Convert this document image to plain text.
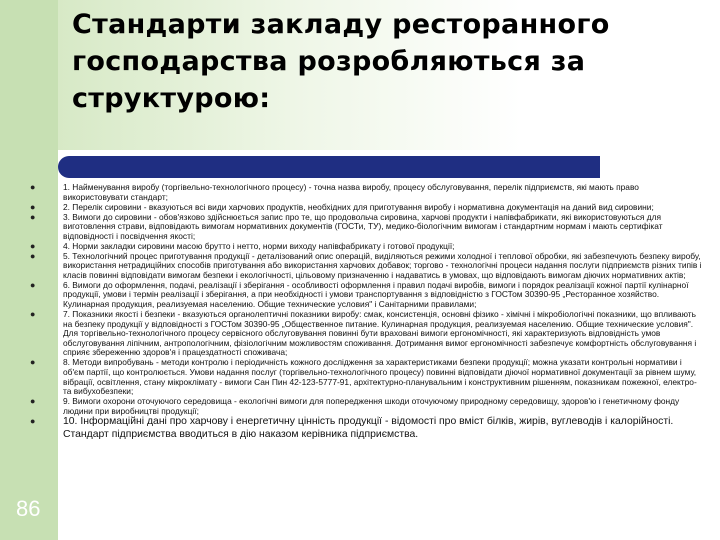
Стандарти закладу ресторанного господарства розробляються за структурою:
●	1. Найменування виробу (торгівельно-технологічного процесу) - точна назва виробу, процесу обслуговування, перелік підприємств, які мають право використовувати стандарт;
●	2. Перелік сировини - вказуються всі види харчових продуктів, необхідних для приготування виробу і нормативна документація на даний вид сировини;
●	3. Вимоги до сировини - обов'язково здійснюється запис про те, що продовольча сировина, харчові продукти і напівфабрикати, які використовуються для виготовлення страви, відповідають вимогам нормативних документів (ГОСТи, ТУ), медико-біологічним вимогам і стандартним нормам і мають сертифікат відповідності і посвідчення якості;
●	4. Норми закладки сировини масою брутто і нетто, норми виходу напівфабрикату і готової продукції;
●	5. Технологічний процес приготування продукції - деталізований опис операцій, виділяються режими холодної і теплової обробки, які забезпечують безпеку виробу, використання нетрадиційних способів приготування або використання харчових добавок; торгово - технологічні процеси надання послуги підприємств різних типів і класів повинні відповідати вимогам безпеки і екологічності, цільовому призначенню і надаватись в умовах, що відповідають вимогам діючих нормативних актів;
●	6. Вимоги до оформлення, подачі, реалізації і зберігання - особливості оформлення і правил подачі виробів, вимоги і порядок реалізації кожної партії кулінарної продукції, умови і термін реалізації і зберігання, а при необхідності і умови транспортування з відповідністю з ГОСТом 30390-95 „Ресторанное хозяйство. Кулинарная продукция, реализуемая населению. Общие технические условия" і Санітарними правилами;
●	7. Показники якості і безпеки - вказуються органолептичні показники виробу: смак, консистенція, основні фізико - хімічні і мікробіологічні показники, що впливають на безпеку продукції у відповідності з ГОСТом 30390-95 „Общественное питание. Кулинарная продукция, реализуемая населению. Общие технические условия". Для торгівельно-технологічного процесу сервісного обслуговування повинні бути враховані вимоги ергономічності, які характеризують відповідність умов обслуговування ліпічним, антропологічним, фізіологічним можливостям споживання. Дотримання вимог ергономічності забезпечує комфортність обслуговування і сприяє збереженню здоров'я і працездатності споживача;
●	8. Методи випробувань - методи контролю і періодичність кожного дослідження за характеристиками безпеки продукції; можна указати контрольні нормативи і об'єм партії, що контролюється. Умови надання послуг (торгівельно-технологічного процесу) повинні відповідати діючої нормативної документації за рівнем шуму, вібрації, освітлення, стану мікроклімату - вимоги Сан Пин 42-123-5777-91, архітектурно-планувальним і конструктивним рішенням, показникам пожежної, електро- та вибухобезпеки;
●	9. Вимоги охорони оточуючого середовища - екологічні вимоги для попередження шкоди оточуючому природному середовищу, здоров'ю і генетичному фонду людини при виробництві продукції;
●	10. Інформаційні дані про харчову і енергетичну цінність продукції - відомості про вміст білків, жирів, вуглеводів і калорійності.
Стандарт підприємства вводиться в дію наказом керівника підприємства.
86
